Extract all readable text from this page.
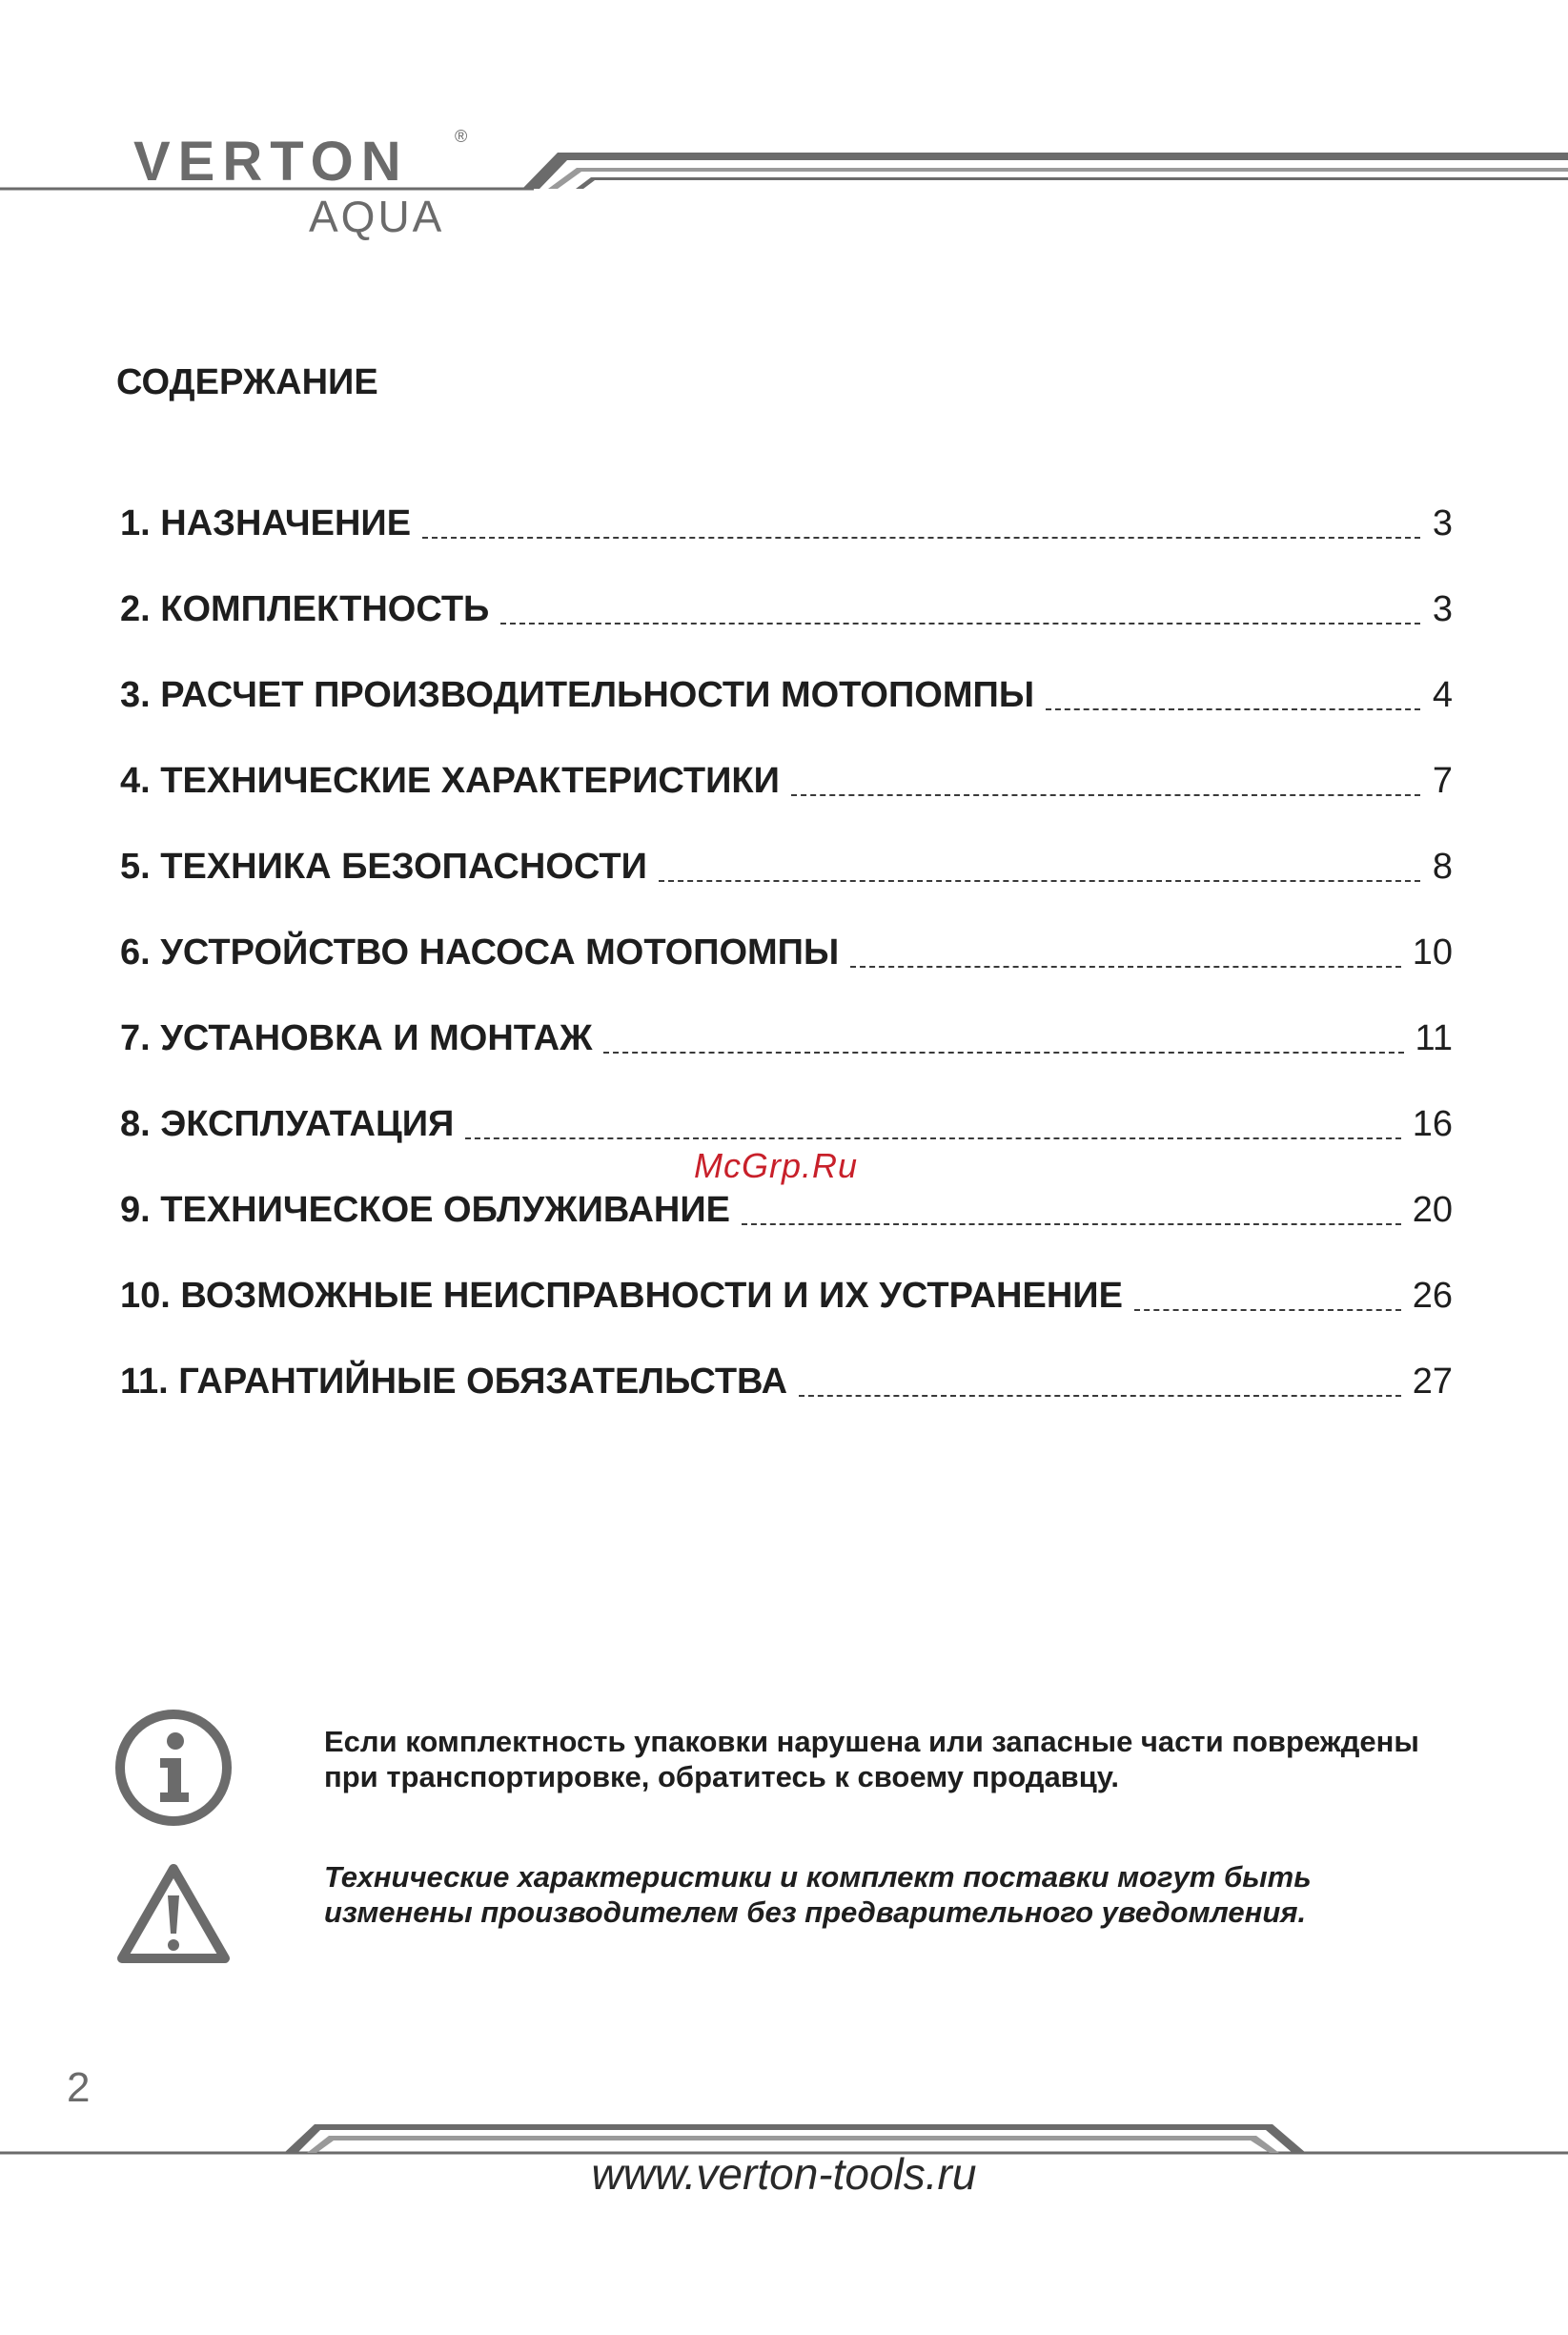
VERTON	®
AQUA
СОДЕРЖАНИЕ
1. НАЗНАЧЕНИЕ	3
2. КОМПЛЕКТНОСТЬ	3
3. РАСЧЕТ ПРОИЗВОДИТЕЛЬНОСТИ МОТОПОМПЫ	4
4. ТЕХНИЧЕСКИЕ ХАРАКТЕРИСТИКИ	7
5. ТЕХНИКА БЕЗОПАСНОСТИ	8
6. УСТРОЙСТВО НАСОСА МОТОПОМПЫ	10
7. УСТАНОВКА И МОНТАЖ	11
8. ЭКСПЛУАТАЦИЯ	16
9. ТЕХНИЧЕСКОЕ ОБЛУЖИВАНИЕ	20
10. ВОЗМОЖНЫЕ НЕИСПРАВНОСТИ И ИХ УСТРАНЕНИЕ	26
11. ГАРАНТИЙНЫЕ ОБЯЗАТЕЛЬСТВА	27
McGrp.Ru
Если комплектность упаковки нарушена или запасные части повреждены при транспортировке, обратитесь к своему продавцу.
Технические характеристики и комплект поставки могут быть изменены производителем без предварительного уведомления.
2
www.verton-tools.ru
